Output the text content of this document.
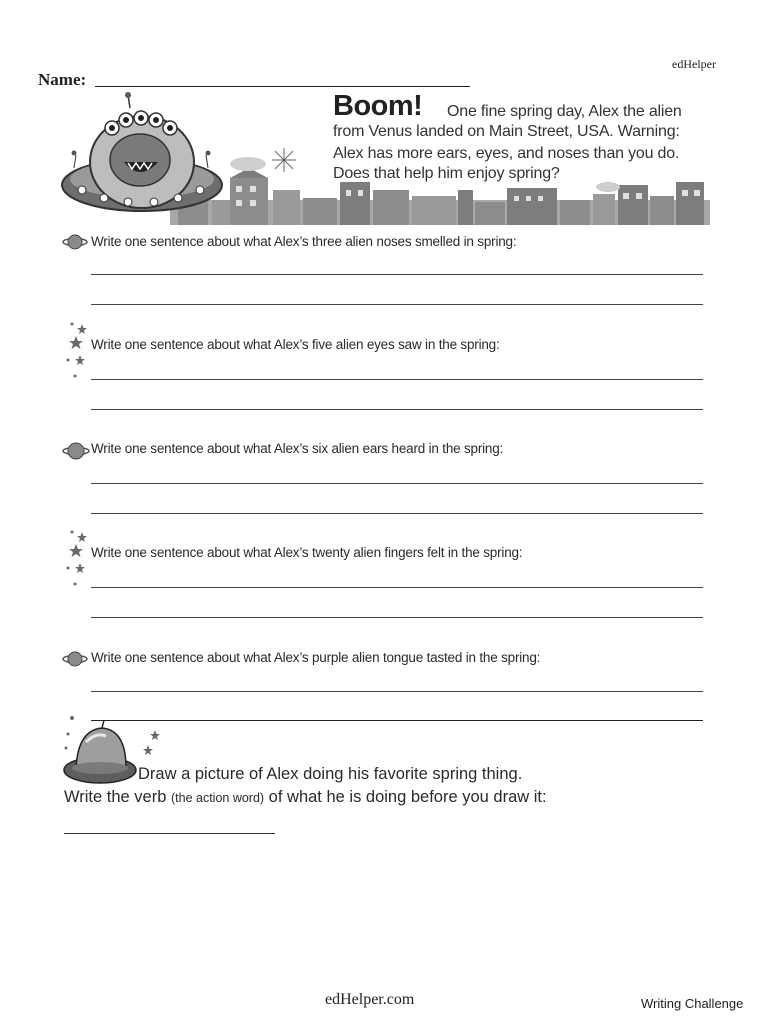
edHelper
Name:
Boom! One fine spring day, Alex the alien
from Venus landed on Main Street, USA. Warning:
Alex has more ears, eyes, and noses than you do.
Does that help him enjoy spring?
Write one sentence about what Alex’s three alien noses smelled in spring:
Write one sentence about what Alex’s five alien eyes saw in the spring:
Write one sentence about what Alex’s six alien ears heard in the spring:
Write one sentence about what Alex’s twenty alien fingers felt in the spring:
Write one sentence about what Alex’s purple alien tongue tasted in the spring:
Draw a picture of Alex doing his favorite spring thing.
Write the verb (the action word) of what he is doing before you draw it:
edHelper.com	Writing Challenge
